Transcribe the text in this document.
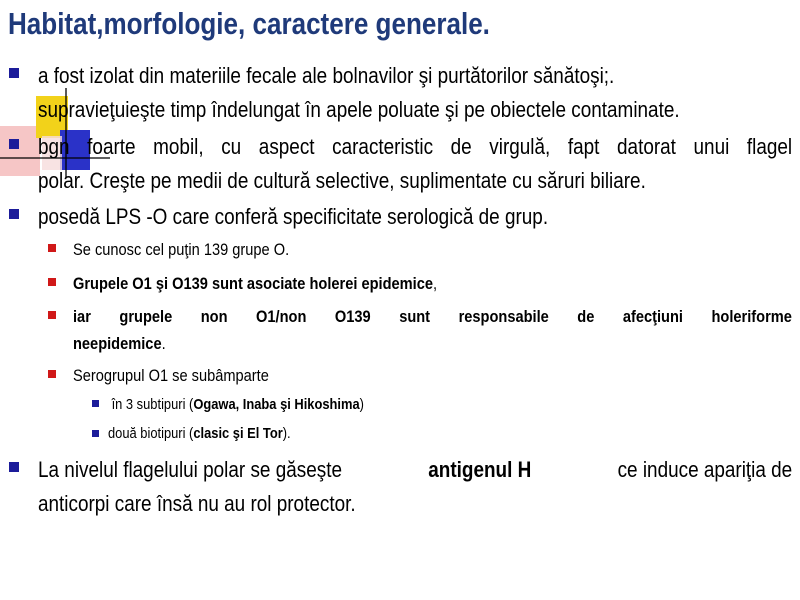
Habitat,morfologie, caractere generale.
a fost izolat din materiile fecale ale bolnavilor şi purtătorilor sănătoşi;.
supravieţuieşte timp îndelungat în apele poluate şi pe obiectele contaminate.
bgn foarte mobil, cu aspect caracteristic de virgulă, fapt datorat unui flagel
polar. Creşte pe medii de cultură selective, suplimentate cu săruri biliare.
posedă LPS -O care conferă specificitate serologică de grup.
Se cunosc cel puţin 139 grupe O.
Grupele O1 şi O139 sunt asociate holerei epidemice,
iar grupele non O1/non O139 sunt responsabile de afecţiuni holeriforme
neepidemice.
Serogrupul O1 se subâmparte
în 3 subtipuri (Ogawa, Inaba şi Hikoshima)
două biotipuri (clasic şi El Tor).
La nivelul flagelului polar se găseşte	antigenul H	ce induce apariţia de
anticorpi care însă nu au rol protector.
